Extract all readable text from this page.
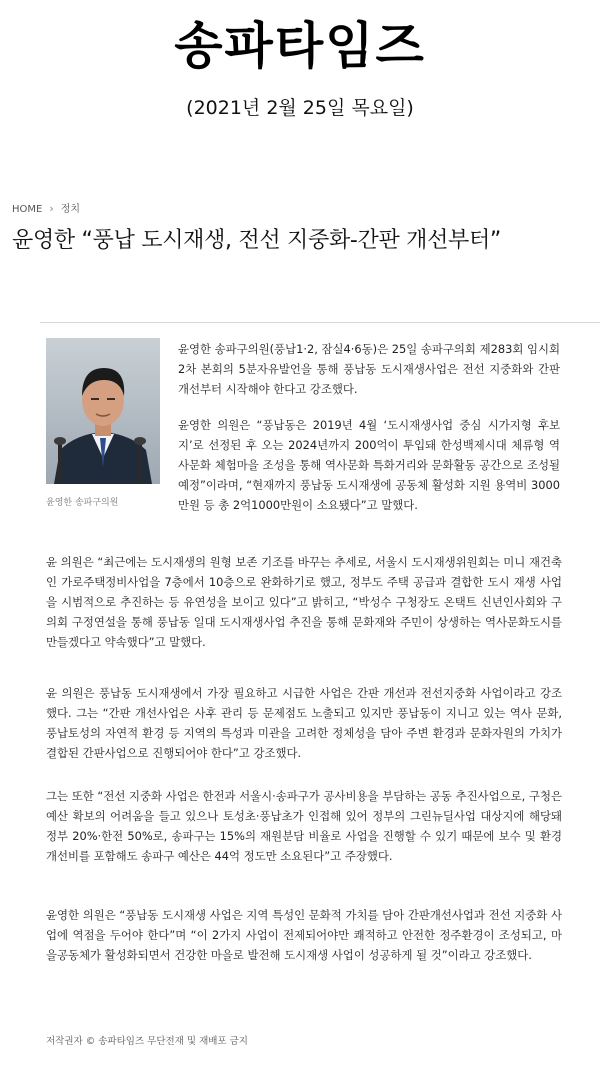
송파타임즈
(2021년 2월 25일 목요일)
HOME › 정치
윤영한 “풍납 도시재생, 전선 지중화-간판 개선부터”
윤영한 송파구의원

윤영한 송파구의원(풍납1·2, 잠실4·6동)은 25일 송파구의회 제283회 임시회 2차 본회의 5분자유발언을 통해 풍납동 도시재생사업은 전선 지중화와 간판 개선부터 시작해야 한다고 강조했다.

윤영한 의원은 “풍납동은 2019년 4월 ‘도시재생사업 중심 시가지형 후보지’로 선정된 후 오는 2024년까지 200억이 투입돼 한성백제시대 체류형 역사문화 체험마을 조성을 통해 역사문화 특화거리와 문화활동 공간으로 조성될 예정”이라며, “현재까지 풍납동 도시재생에 공동체 활성화 지원 용역비 3000만원 등 총 2억1000만원이 소요됐다”고 말했다.

윤 의원은 “최근에는 도시재생의 원형 보존 기조를 바꾸는 추세로, 서울시 도시재생위원회는 미니 재건축인 가로주택정비사업을 7층에서 10층으로 완화하기로 했고, 정부도 주택 공급과 결합한 도시 재생 사업을 시범적으로 추진하는 등 유연성을 보이고 있다”고 밝히고, “박성수 구청장도 온택트 신년인사회와 구의회 구정연설을 통해 풍납동 일대 도시재생사업 추진을 통해 문화재와 주민이 상생하는 역사문화도시를 만들겠다고 약속했다”고 말했다.

윤 의원은 풍납동 도시재생에서 가장 필요하고 시급한 사업은 간판 개선과 전선지중화 사업이라고 강조했다. 그는 “간판 개선사업은 사후 관리 등 문제점도 노출되고 있지만 풍납동이 지니고 있는 역사 문화, 풍납토성의 자연적 환경 등 지역의 특성과 미관을 고려한 정체성을 담아 주변 환경과 문화자원의 가치가 결합된 간판사업으로 진행되어야 한다”고 강조했다.

그는 또한 “전선 지중화 사업은 한전과 서울시·송파구가 공사비용을 부담하는 공동 추진사업으로, 구청은 예산 확보의 어려움을 들고 있으나 토성초·풍납초가 인접해 있어 정부의 그린뉴딜사업 대상지에 해당돼 정부 20%·한전 50%로, 송파구는 15%의 재원분담 비율로 사업을 진행할 수 있기 때문에 보수 및 환경개선비를 포함해도 송파구 예산은 44억 정도만 소요된다”고 주장했다.

윤영한 의원은 “풍납동 도시재생 사업은 지역 특성인 문화적 가치를 담아 간판개선사업과 전선 지중화 사업에 역점을 두어야 한다”며 “이 2가지 사업이 전제되어야만 쾌적하고 안전한 정주환경이 조성되고, 마을공동체가 활성화되면서 건강한 마을로 발전해 도시재생 사업이 성공하게 될 것”이라고 강조했다.

저작권자 © 송파타임즈 무단전재 및 재배포 금지
